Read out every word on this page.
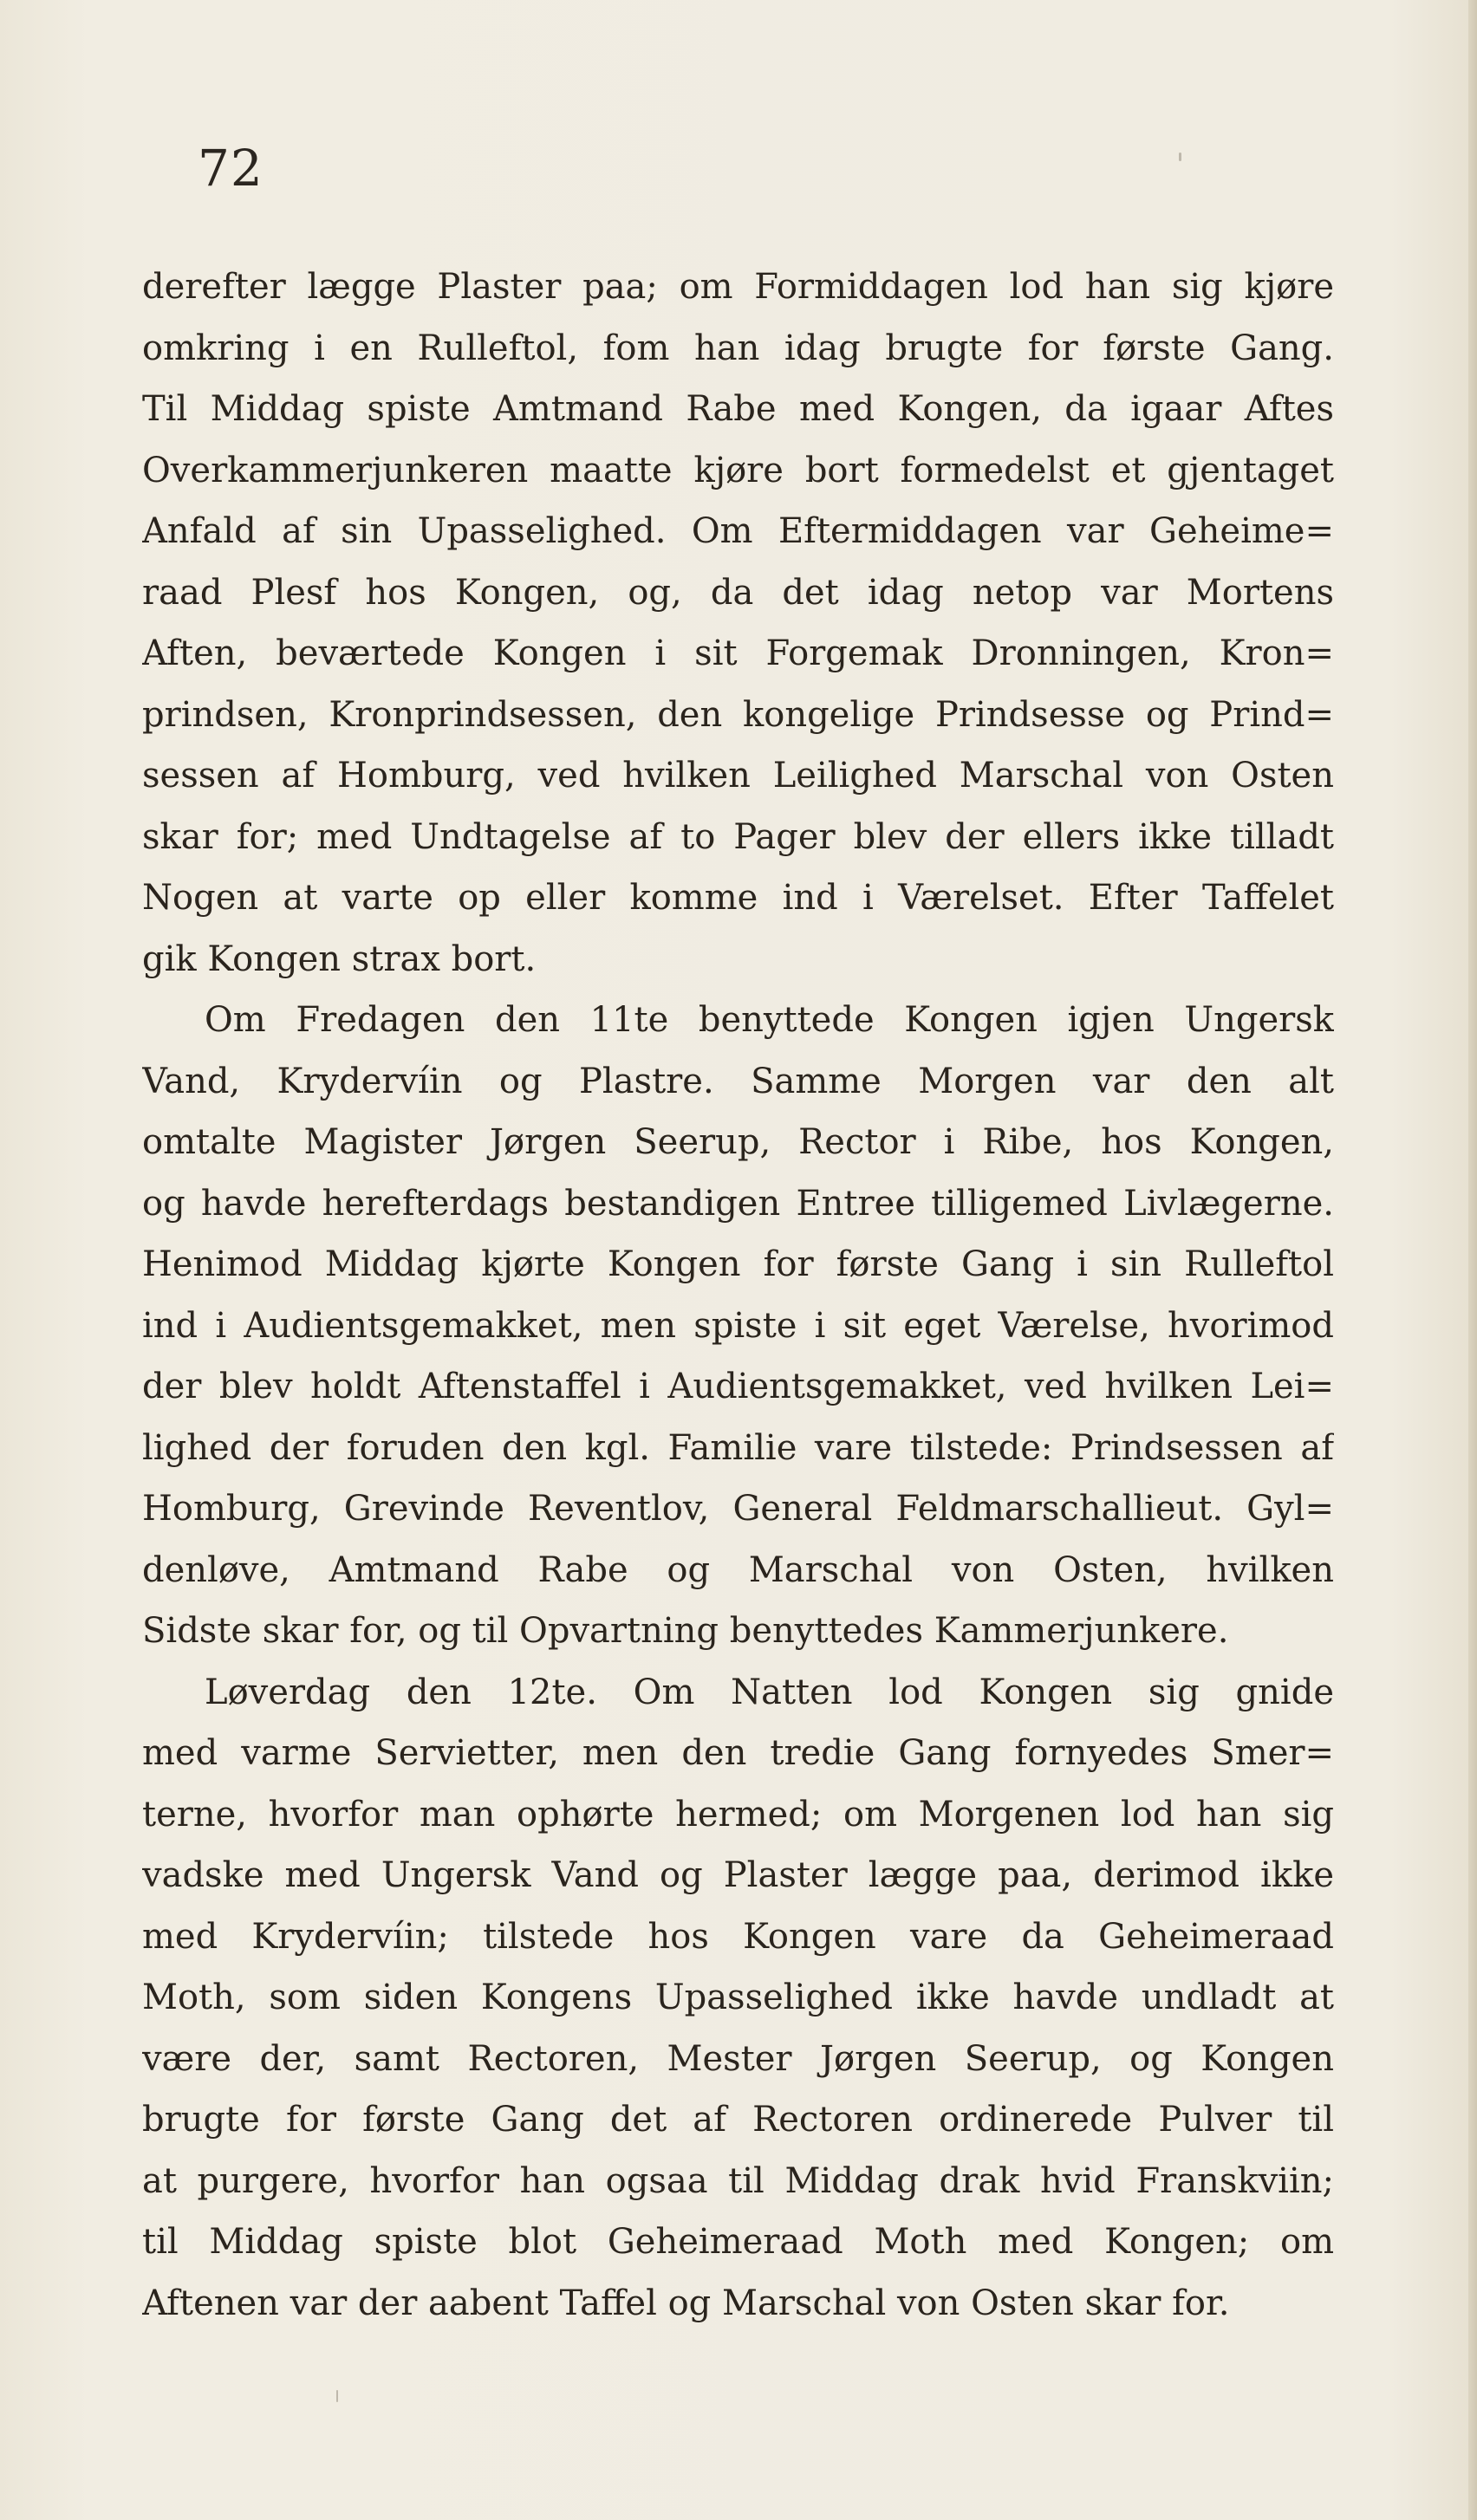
72
derefter lægge Plaster paa; om Formiddagen lod han sig kjøre
omkring i en Rulleftol, fom han idag brugte for første Gang.
Til Middag spiste Amtmand Rabe med Kongen, da igaar Aftes
Overkammerjunkeren maatte kjøre bort formedelst et gjentaget
Anfald af sin Upasselighed. Om Eftermiddagen var Geheime=
raad Plesf hos Kongen, og, da det idag netop var Mortens
Aften, beværtede Kongen i sit Forgemak Dronningen, Kron=
prindsen, Kronprindsessen, den kongelige Prindsesse og Prind=
sessen af Homburg, ved hvilken Leilighed Marschal von Osten
skar for; med Undtagelse af to Pager blev der ellers ikke tilladt
Nogen at varte op eller komme ind i Værelset. Efter Taffelet
gik Kongen strax bort.
Om Fredagen den 11te benyttede Kongen igjen Ungersk
Vand, Krydervíin og Plastre. Samme Morgen var den alt
omtalte Magister Jørgen Seerup, Rector i Ribe, hos Kongen,
og havde herefterdags bestandigen Entree tilligemed Livlægerne.
Henimod Middag kjørte Kongen for første Gang i sin Rulleftol
ind i Audientsgemakket, men spiste i sit eget Værelse, hvorimod
der blev holdt Aftenstaffel i Audientsgemakket, ved hvilken Lei=
lighed der foruden den kgl. Familie vare tilstede: Prindsessen af
Homburg, Grevinde Reventlov, General Feldmarschallieut. Gyl=
denløve, Amtmand Rabe og Marschal von Osten, hvilken
Sidste skar for, og til Opvartning benyttedes Kammerjunkere.
Løverdag den 12te. Om Natten lod Kongen sig gnide
med varme Servietter, men den tredie Gang fornyedes Smer=
terne, hvorfor man ophørte hermed; om Morgenen lod han sig
vadske med Ungersk Vand og Plaster lægge paa, derimod ikke
med Krydervíin; tilstede hos Kongen vare da Geheimeraad
Moth, som siden Kongens Upasselighed ikke havde undladt at
være der, samt Rectoren, Mester Jørgen Seerup, og Kongen
brugte for første Gang det af Rectoren ordinerede Pulver til
at purgere, hvorfor han ogsaa til Middag drak hvid Franskviin;
til Middag spiste blot Geheimeraad Moth med Kongen; om
Aftenen var der aabent Taffel og Marschal von Osten skar for.
